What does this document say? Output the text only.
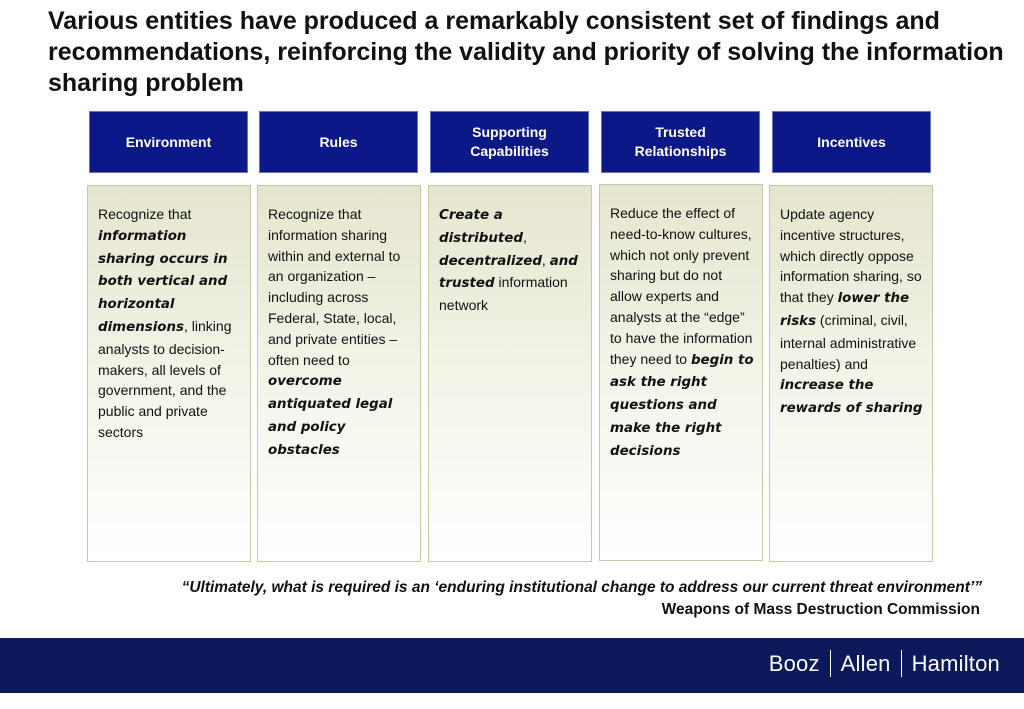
Various entities have produced a remarkably consistent set of findings and recommendations, reinforcing the validity and priority of solving the information sharing problem
Environment	Rules
Supporting Capabilities
Trusted Relationships
Incentives
Recognize that information sharing occurs in both vertical and horizontal dimensions, linking analysts to decision-makers, all levels of government, and the public and private sectors
Recognize that information sharing within and external to an organization – including across Federal, State, local, and private entities – often need to overcome antiquated legal and policy obstacles
Create a distributed, decentralized, and trusted information network
Reduce the effect of need-to-know cultures, which not only prevent sharing but do not allow experts and analysts at the “edge” to have the information they need to begin to ask the right questions and make the right decisions
Update agency incentive structures, which directly oppose information sharing, so that they lower the risks (criminal, civil, internal administrative penalties) and increase the rewards of sharing
“Ultimately, what is required is an ‘enduring institutional change to address our current threat environment’”
Weapons of Mass Destruction Commission
Booz Allen Hamilton
